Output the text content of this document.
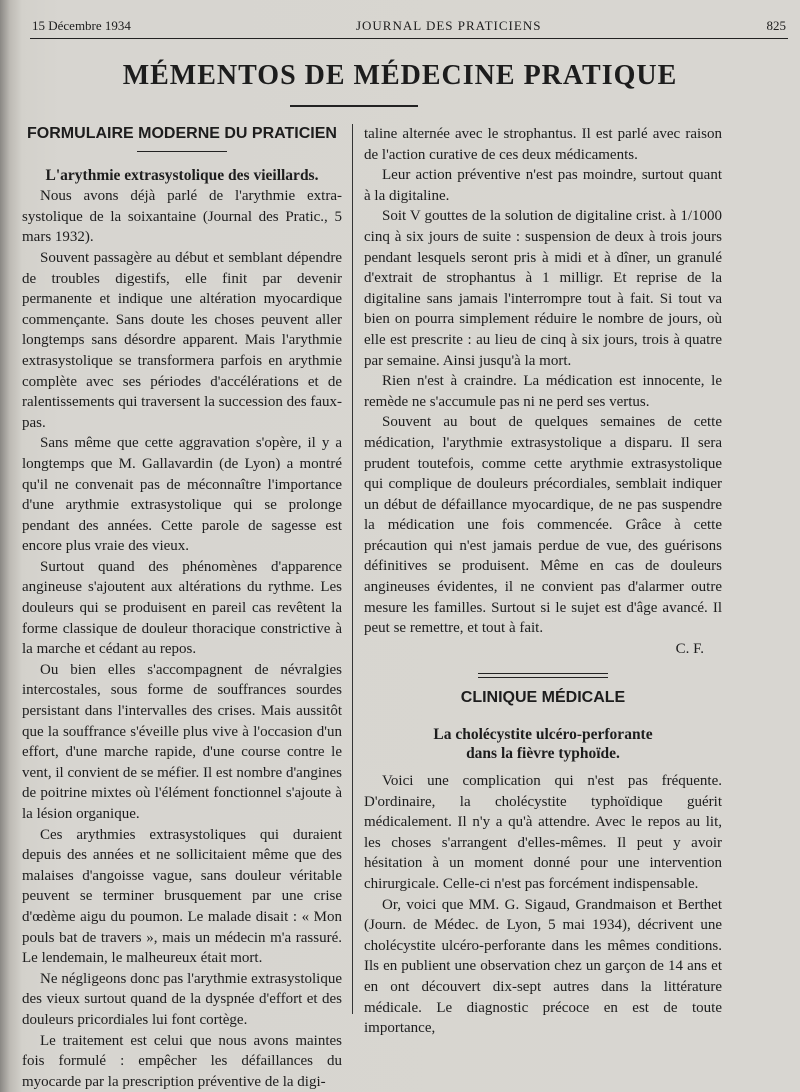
15 Décembre 1934	JOURNAL DES PRATICIENS	825
MÉMENTOS DE MÉDECINE PRATIQUE
FORMULAIRE MODERNE DU PRATICIEN

L'arythmie extrasystolique des vieillards.

Nous avons déjà parlé de l'arythmie extra-systolique de la soixantaine (Journal des Pratic., 5 mars 1932).

Souvent passagère au début et semblant dépendre de troubles digestifs, elle finit par devenir permanente et indique une altération myocardique commençante. Sans doute les choses peuvent aller longtemps sans désordre apparent. Mais l'arythmie extrasystolique se transformera parfois en arythmie complète avec ses périodes d'accélérations et de ralentissements qui traversent la succession des faux-pas.

Sans même que cette aggravation s'opère, il y a longtemps que M. Gallavardin (de Lyon) a montré qu'il ne convenait pas de méconnaître l'importance d'une arythmie extrasystolique qui se prolonge pendant des années. Cette parole de sagesse est encore plus vraie des vieux.

Surtout quand des phénomènes d'apparence angineuse s'ajoutent aux altérations du rythme. Les douleurs qui se produisent en pareil cas revêtent la forme classique de douleur thoracique constrictive à la marche et cédant au repos.

Ou bien elles s'accompagnent de névralgies intercostales, sous forme de souffrances sourdes persistant dans l'intervalles des crises. Mais aussitôt que la souffrance s'éveille plus vive à l'occasion d'un effort, d'une marche rapide, d'une course contre le vent, il convient de se méfier. Il est nombre d'angines de poitrine mixtes où l'élément fonctionnel s'ajoute à la lésion organique.

Ces arythmies extrasystoliques qui duraient depuis des années et ne sollicitaient même que des malaises d'angoisse vague, sans douleur véritable peuvent se terminer brusquement par une crise d'œdème aigu du poumon. Le malade disait : « Mon pouls bat de travers », mais un médecin m'a rassuré. Le lendemain, le malheureux était mort.

Ne négligeons donc pas l'arythmie extrasystolique des vieux surtout quand de la dyspnée d'effort et des douleurs pricordiales lui font cortège.

Le traitement est celui que nous avons maintes fois formulé : empêcher les défaillances du myocarde par la prescription préventive de la digi-

taline alternée avec le strophantus. Il est parlé avec raison de l'action curative de ces deux médicaments.

Leur action préventive n'est pas moindre, surtout quant à la digitaline.

Soit V gouttes de la solution de digitaline crist. à 1/1000 cinq à six jours de suite : suspension de deux à trois jours pendant lesquels seront pris à midi et à dîner, un granulé d'extrait de strophantus à 1 milligr. Et reprise de la digitaline sans jamais l'interrompre tout à fait. Si tout va bien on pourra simplement réduire le nombre de jours, où elle est prescrite : au lieu de cinq à six jours, trois à quatre par semaine. Ainsi jusqu'à la mort.

Rien n'est à craindre. La médication est innocente, le remède ne s'accumule pas ni ne perd ses vertus.

Souvent au bout de quelques semaines de cette médication, l'arythmie extrasystolique a disparu. Il sera prudent toutefois, comme cette arythmie extrasystolique qui complique de douleurs précordiales, semblait indiquer un début de défaillance myocardique, de ne pas suspendre la médication une fois commencée. Grâce à cette précaution qui n'est jamais perdue de vue, des guérisons définitives se produisent. Même en cas de douleurs angineuses évidentes, il ne convient pas d'alarmer outre mesure les familles. Surtout si le sujet est d'âge avancé. Il peut se remettre, et tout à fait.

C. F.
CLINIQUE MÉDICALE

La cholécystite ulcéro-perforante

dans la fièvre typhoïde.

Voici une complication qui n'est pas fréquente. D'ordinaire, la cholécystite typhoïdique guérit médicalement. Il n'y a qu'à attendre. Avec le repos au lit, les choses s'arrangent d'elles-mêmes. Il peut y avoir hésitation à un moment donné pour une intervention chirurgicale. Celle-ci n'est pas forcément indispensable.

Or, voici que MM. G. Sigaud, Grandmaison et Berthet (Journ. de Médec. de Lyon, 5 mai 1934), décrivent une cholécystite ulcéro-perforante dans les mêmes conditions. Ils en publient une observation chez un garçon de 14 ans et en ont découvert dix-sept autres dans la littérature médicale. Le diagnostic précoce en est de toute importance,
